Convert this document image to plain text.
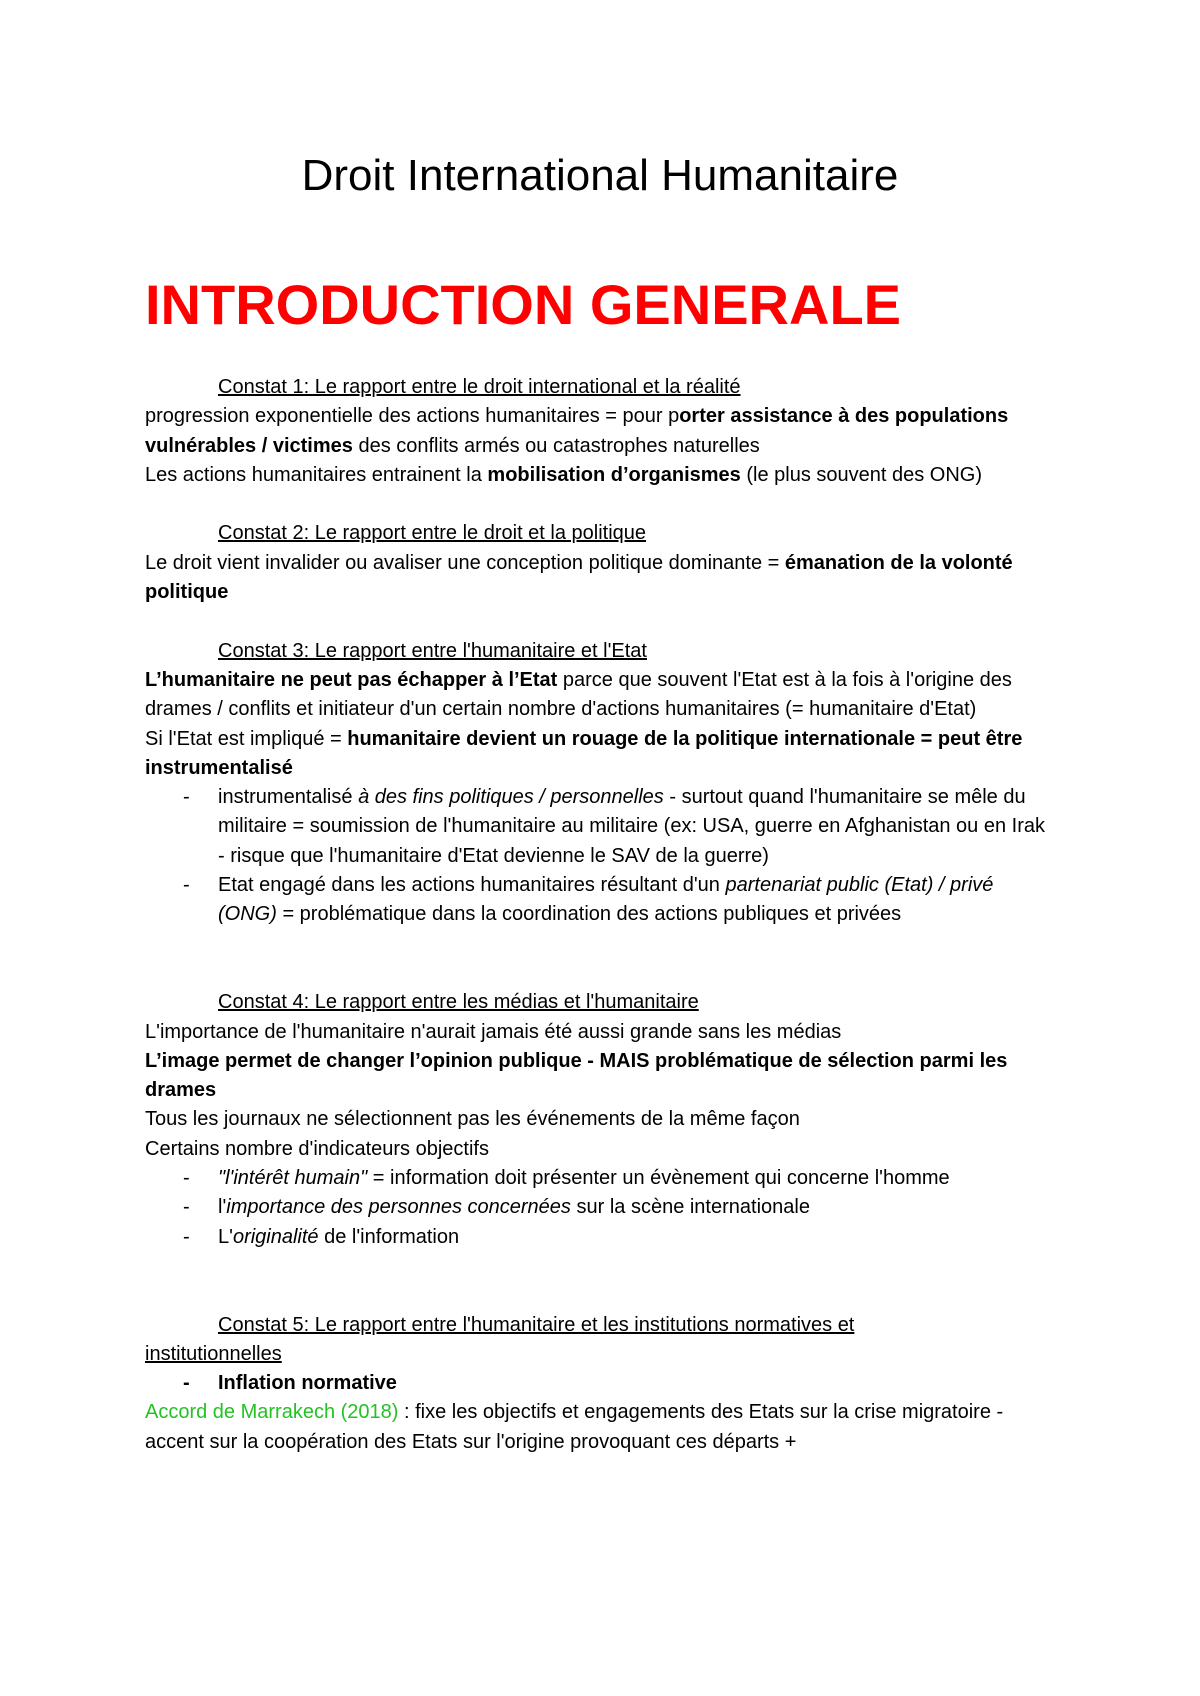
Droit International Humanitaire
INTRODUCTION GENERALE

Constat 1: Le rapport entre le droit international et la réalité

progression exponentielle des actions humanitaires = pour porter assistance à des populations vulnérables / victimes des conflits armés ou catastrophes naturelles

Les actions humanitaires entrainent la mobilisation d’organismes (le plus souvent des ONG)

Constat 2: Le rapport entre le droit et la politique

Le droit vient invalider ou avaliser une conception politique dominante = émanation de la volonté politique

Constat 3: Le rapport entre l'humanitaire et l'Etat

L’humanitaire ne peut pas échapper à l’Etat parce que souvent l'Etat est à la fois à l'origine des drames / conflits et initiateur d'un certain nombre d'actions humanitaires (= humanitaire d'Etat)

Si l'Etat est impliqué = humanitaire devient un rouage de la politique internationale = peut être instrumentalisé

- instrumentalisé à des fins politiques / personnelles - surtout quand l'humanitaire se mêle du militaire = soumission de l'humanitaire au militaire (ex: USA, guerre en Afghanistan ou en Irak - risque que l'humanitaire d'Etat devienne le SAV de la guerre)
- Etat engagé dans les actions humanitaires résultant d'un partenariat public (Etat) / privé (ONG) = problématique dans la coordination des actions publiques et privées

Constat 4: Le rapport entre les médias et l'humanitaire

L'importance de l'humanitaire n'aurait jamais été aussi grande sans les médias

L’image permet de changer l’opinion publique - MAIS problématique de sélection parmi les drames

Tous les journaux ne sélectionnent pas les événements de la même façon

Certains nombre d'indicateurs objectifs

- "l'intérêt humain" = information doit présenter un évènement qui concerne l'homme
- l'importance des personnes concernées sur la scène internationale
- L'originalité de l'information

Constat 5: Le rapport entre l'humanitaire et les institutions normatives et

institutionnelles

- Inflation normative

Accord de Marrakech (2018) : fixe les objectifs et engagements des Etats sur la crise migratoire - accent sur la coopération des Etats sur l'origine provoquant ces départs +
